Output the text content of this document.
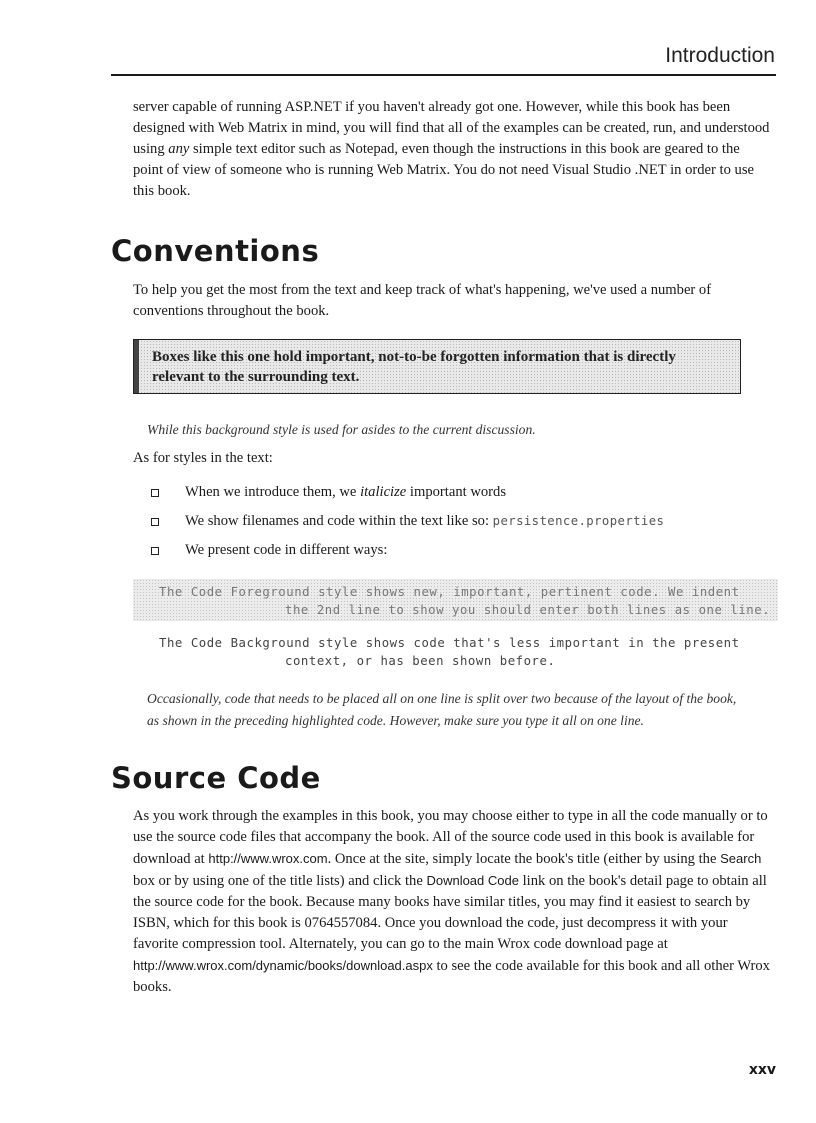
Introduction

server capable of running ASP.NET if you haven't already got one. However, while this book has been designed with Web Matrix in mind, you will find that all of the examples can be created, run, and understood using any simple text editor such as Notepad, even though the instructions in this book are geared to the point of view of someone who is running Web Matrix. You do not need Visual Studio .NET in order to use this book.

Conventions

To help you get the most from the text and keep track of what's happening, we've used a number of conventions throughout the book.

Boxes like this one hold important, not-to-be forgotten information that is directly relevant to the surrounding text.

While this background style is used for asides to the current discussion.

As for styles in the text:

When we introduce them, we italicize important words
We show filenames and code within the text like so: persistence.properties
We present code in different ways:
The Code Foreground style shows new, important, pertinent code. We indent
the 2nd line to show you should enter both lines as one line.
The Code Background style shows code that's less important in the present
context, or has been shown before.

Occasionally, code that needs to be placed all on one line is split over two because of the layout of the book, as shown in the preceding highlighted code. However, make sure you type it all on one line.

Source Code

As you work through the examples in this book, you may choose either to type in all the code manually or to use the source code files that accompany the book. All of the source code used in this book is available for download at http://www.wrox.com. Once at the site, simply locate the book's title (either by using the Search box or by using one of the title lists) and click the Download Code link on the book's detail page to obtain all the source code for the book. Because many books have similar titles, you may find it easiest to search by ISBN, which for this book is 0764557084. Once you download the code, just decompress it with your favorite compression tool. Alternately, you can go to the main Wrox code download page at http://www.wrox.com/dynamic/books/download.aspx to see the code available for this book and all other Wrox books.

xxv
